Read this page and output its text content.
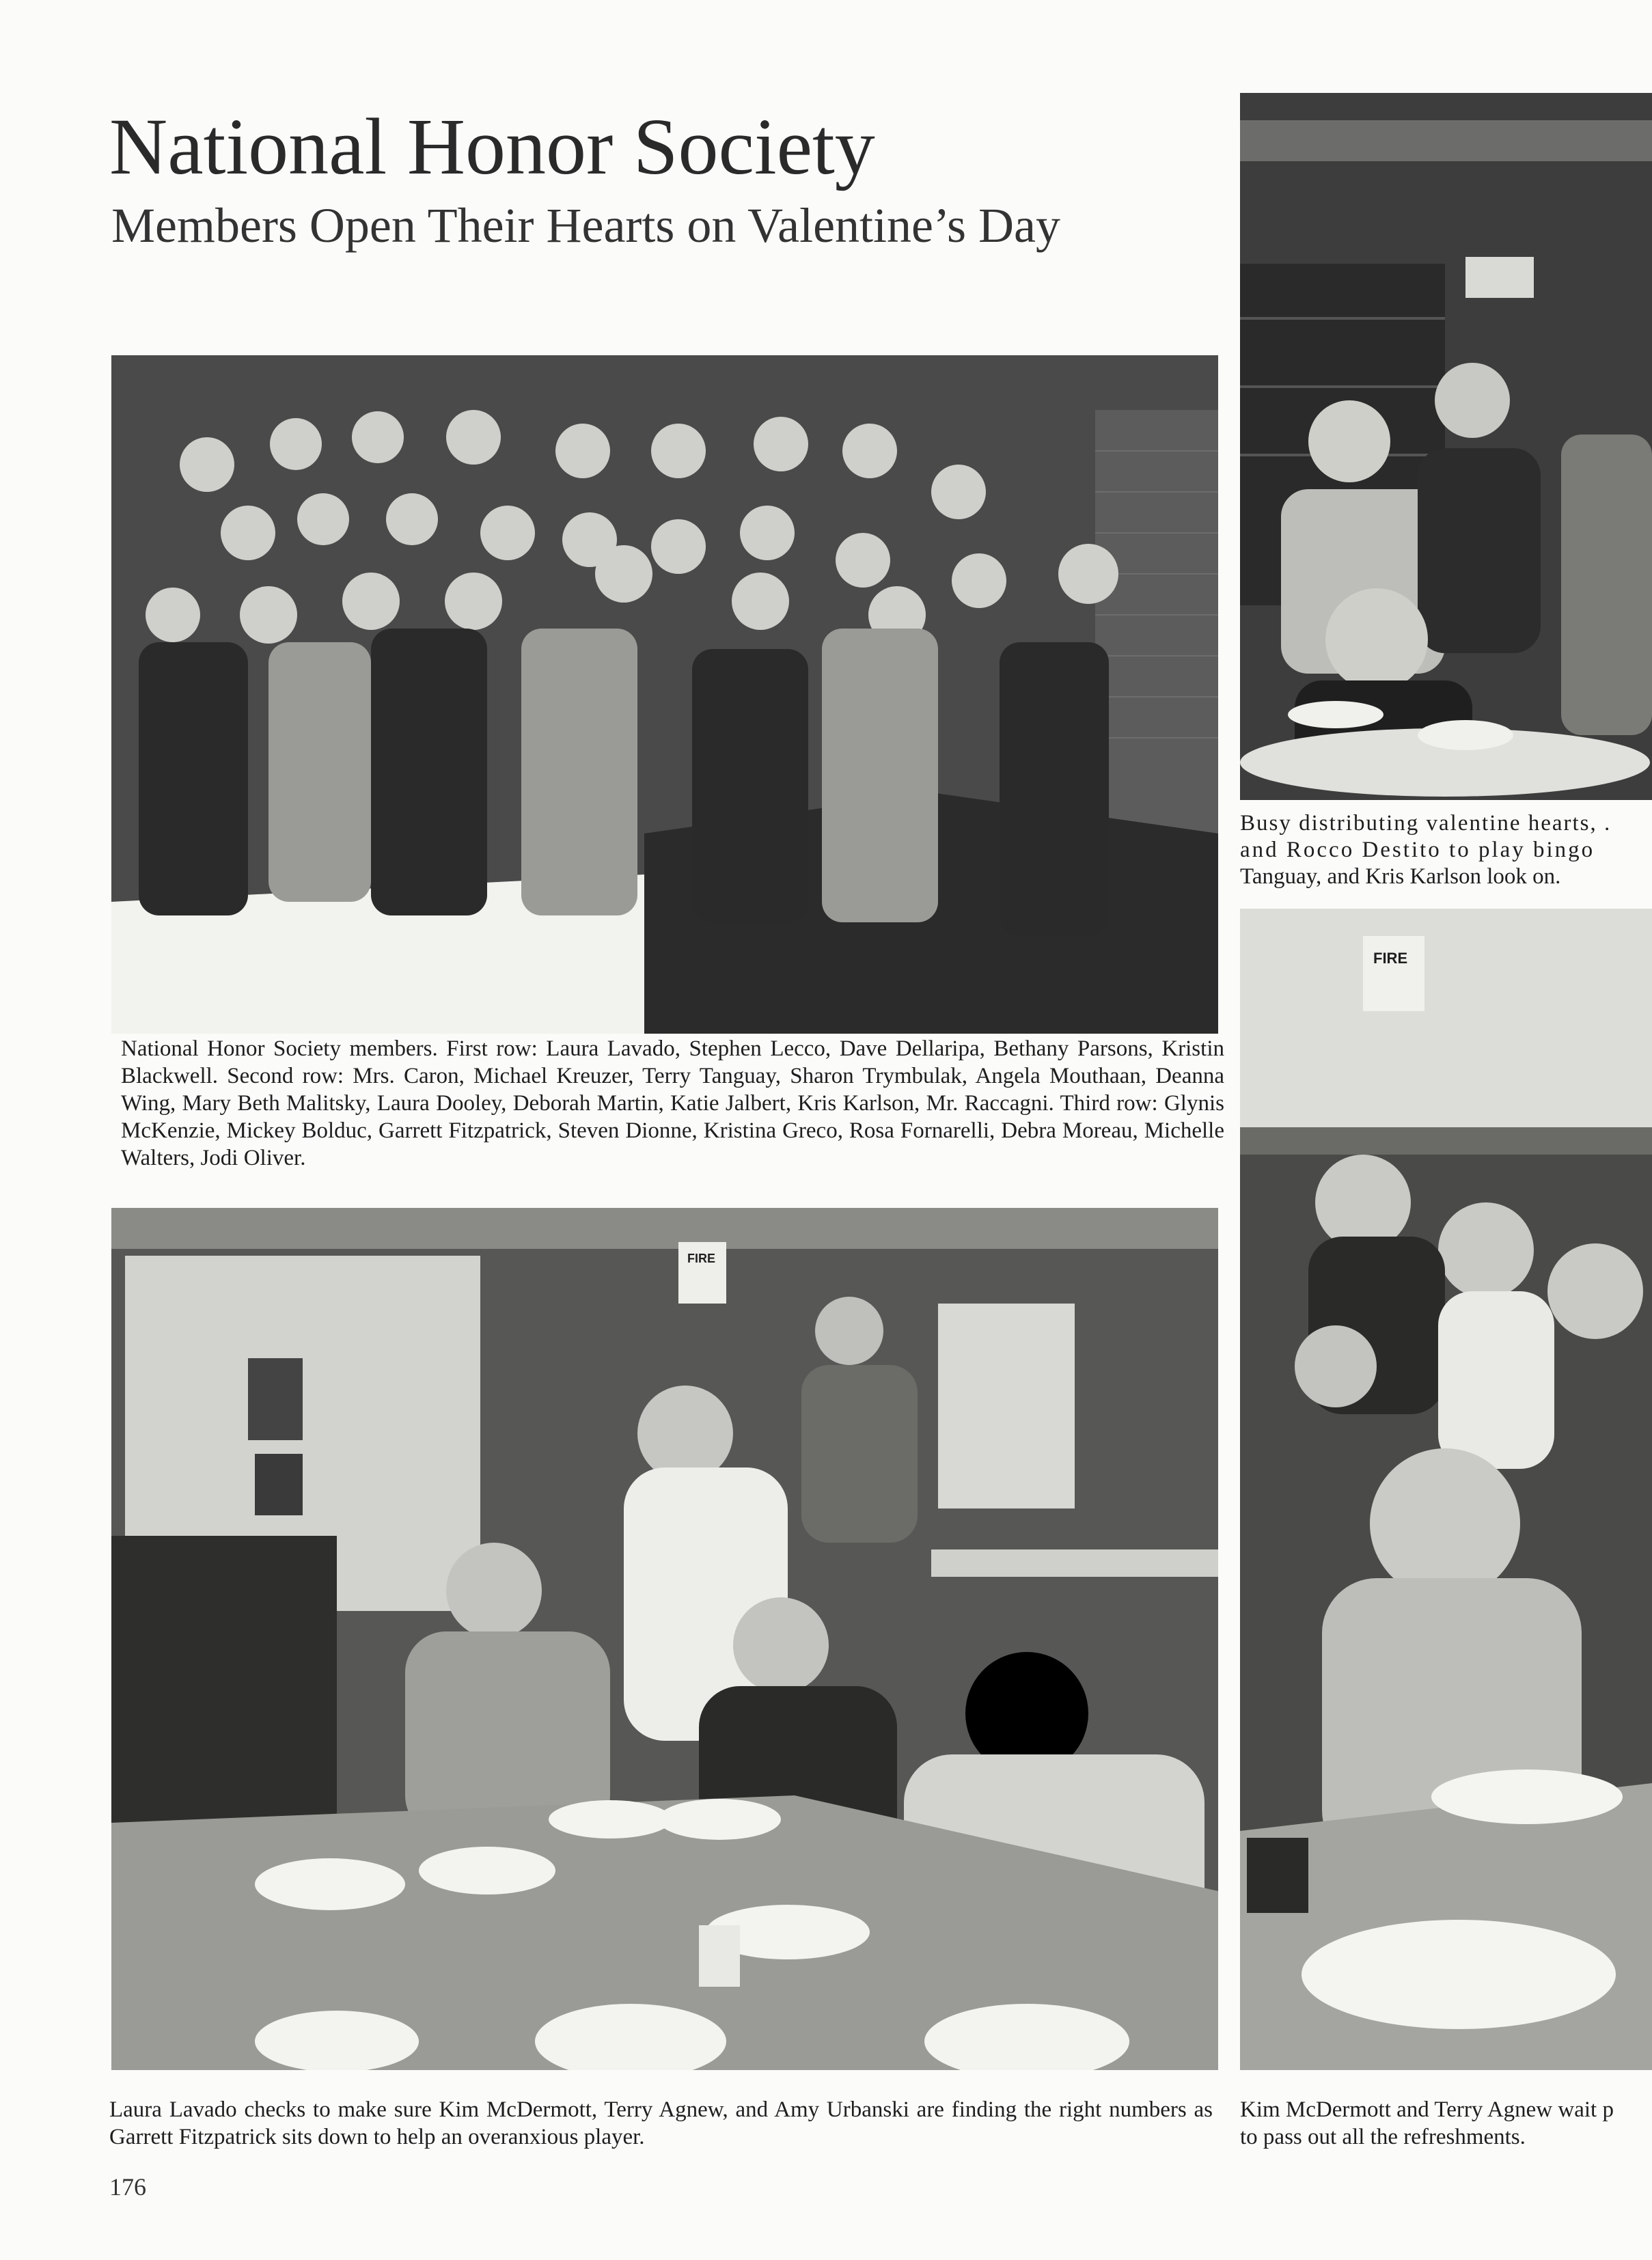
National Honor Society
Members Open Their Hearts on Valentine’s Day
National Honor Society members. First row: Laura Lavado, Stephen Lecco, Dave Dellaripa, Bethany Parsons, Kristin Blackwell. Second row: Mrs. Caron, Michael Kreuzer, Terry Tanguay, Sharon Trymbulak, Angela Mouthaan, Deanna Wing, Mary Beth Malitsky, Laura Dooley, Deborah Martin, Katie Jalbert, Kris Karlson, Mr. Raccagni. Third row: Glynis McKenzie, Mickey Bolduc, Garrett Fitzpatrick, Steven Dionne, Kristina Greco, Rosa Fornarelli, Debra Moreau, Michelle Walters, Jodi Oliver.
Busy distributing valentine hearts, .
and Rocco Destito to play bingo
Tanguay, and Kris Karlson look on.
FIRE
Laura Lavado checks to make sure Kim McDermott, Terry Agnew, and Amy Urbanski are finding the right numbers as Garrett Fitzpatrick sits down to help an overanxious player.
FIRE
Kim McDermott and Terry Agnew wait p
to pass out all the refreshments.
176
